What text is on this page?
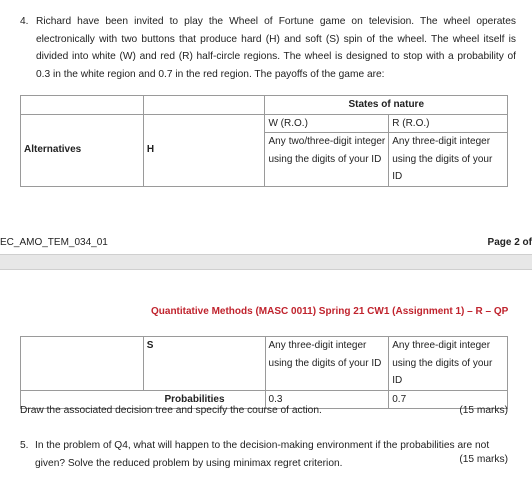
4. Richard have been invited to play the Wheel of Fortune game on television. The wheel operates electronically with two buttons that produce hard (H) and soft (S) spin of the wheel. The wheel itself is divided into white (W) and red (R) half-circle regions. The wheel is designed to stop with a probability of 0.3 in the white region and 0.7 in the red region. The payoffs of the game are:
		States of nature	
Alternatives	H	W (R.O.)	R (R.O.)
		Any two/three-digit integer using the digits of your ID	Any three-digit integer using the digits of your ID
EC_AMO_TEM_034_01	Page 2 of
Quantitative Methods (MASC 0011) Spring 21 CW1 (Assignment 1) – R – QP
	S	Any three-digit integer using the digits of your ID	Any three-digit integer using the digits of your ID
Probabilities		0.3	0.7
Draw the associated decision tree and specify the course of action.	(15 marks)
5. In the problem of Q4, what will happen to the decision-making environment if the probabilities are not given? Solve the reduced problem by using minimax regret criterion.	(15 marks)
